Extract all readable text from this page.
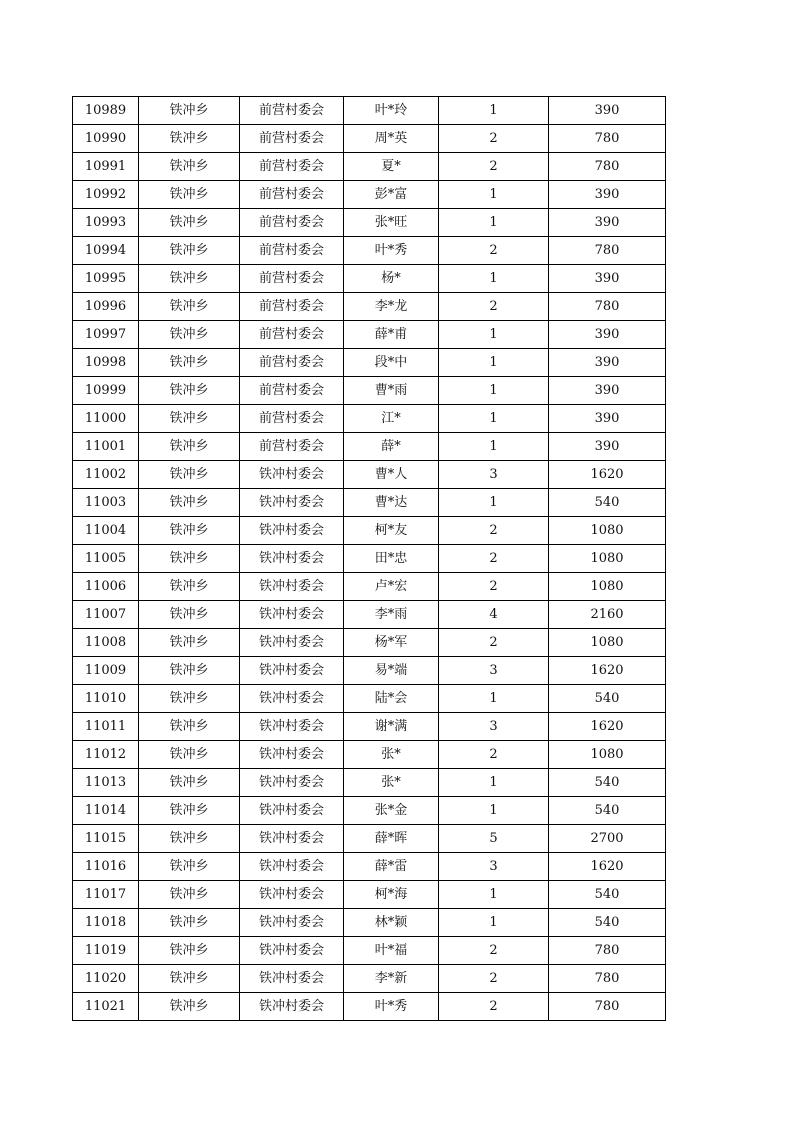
10989	铁冲乡	前营村委会	叶*玲	1	390
10990	铁冲乡	前营村委会	周*英	2	780
10991	铁冲乡	前营村委会	夏*	2	780
10992	铁冲乡	前营村委会	彭*富	1	390
10993	铁冲乡	前营村委会	张*旺	1	390
10994	铁冲乡	前营村委会	叶*秀	2	780
10995	铁冲乡	前营村委会	杨*	1	390
10996	铁冲乡	前营村委会	李*龙	2	780
10997	铁冲乡	前营村委会	薛*甫	1	390
10998	铁冲乡	前营村委会	段*中	1	390
10999	铁冲乡	前营村委会	曹*雨	1	390
11000	铁冲乡	前营村委会	江*	1	390
11001	铁冲乡	前营村委会	薛*	1	390
11002	铁冲乡	铁冲村委会	曹*人	3	1620
11003	铁冲乡	铁冲村委会	曹*达	1	540
11004	铁冲乡	铁冲村委会	柯*友	2	1080
11005	铁冲乡	铁冲村委会	田*忠	2	1080
11006	铁冲乡	铁冲村委会	卢*宏	2	1080
11007	铁冲乡	铁冲村委会	李*雨	4	2160
11008	铁冲乡	铁冲村委会	杨*军	2	1080
11009	铁冲乡	铁冲村委会	易*端	3	1620
11010	铁冲乡	铁冲村委会	陆*会	1	540
11011	铁冲乡	铁冲村委会	谢*满	3	1620
11012	铁冲乡	铁冲村委会	张*	2	1080
11013	铁冲乡	铁冲村委会	张*	1	540
11014	铁冲乡	铁冲村委会	张*金	1	540
11015	铁冲乡	铁冲村委会	薛*晖	5	2700
11016	铁冲乡	铁冲村委会	薛*雷	3	1620
11017	铁冲乡	铁冲村委会	柯*海	1	540
11018	铁冲乡	铁冲村委会	林*颖	1	540
11019	铁冲乡	铁冲村委会	叶*福	2	780
11020	铁冲乡	铁冲村委会	李*新	2	780
11021	铁冲乡	铁冲村委会	叶*秀	2	780
